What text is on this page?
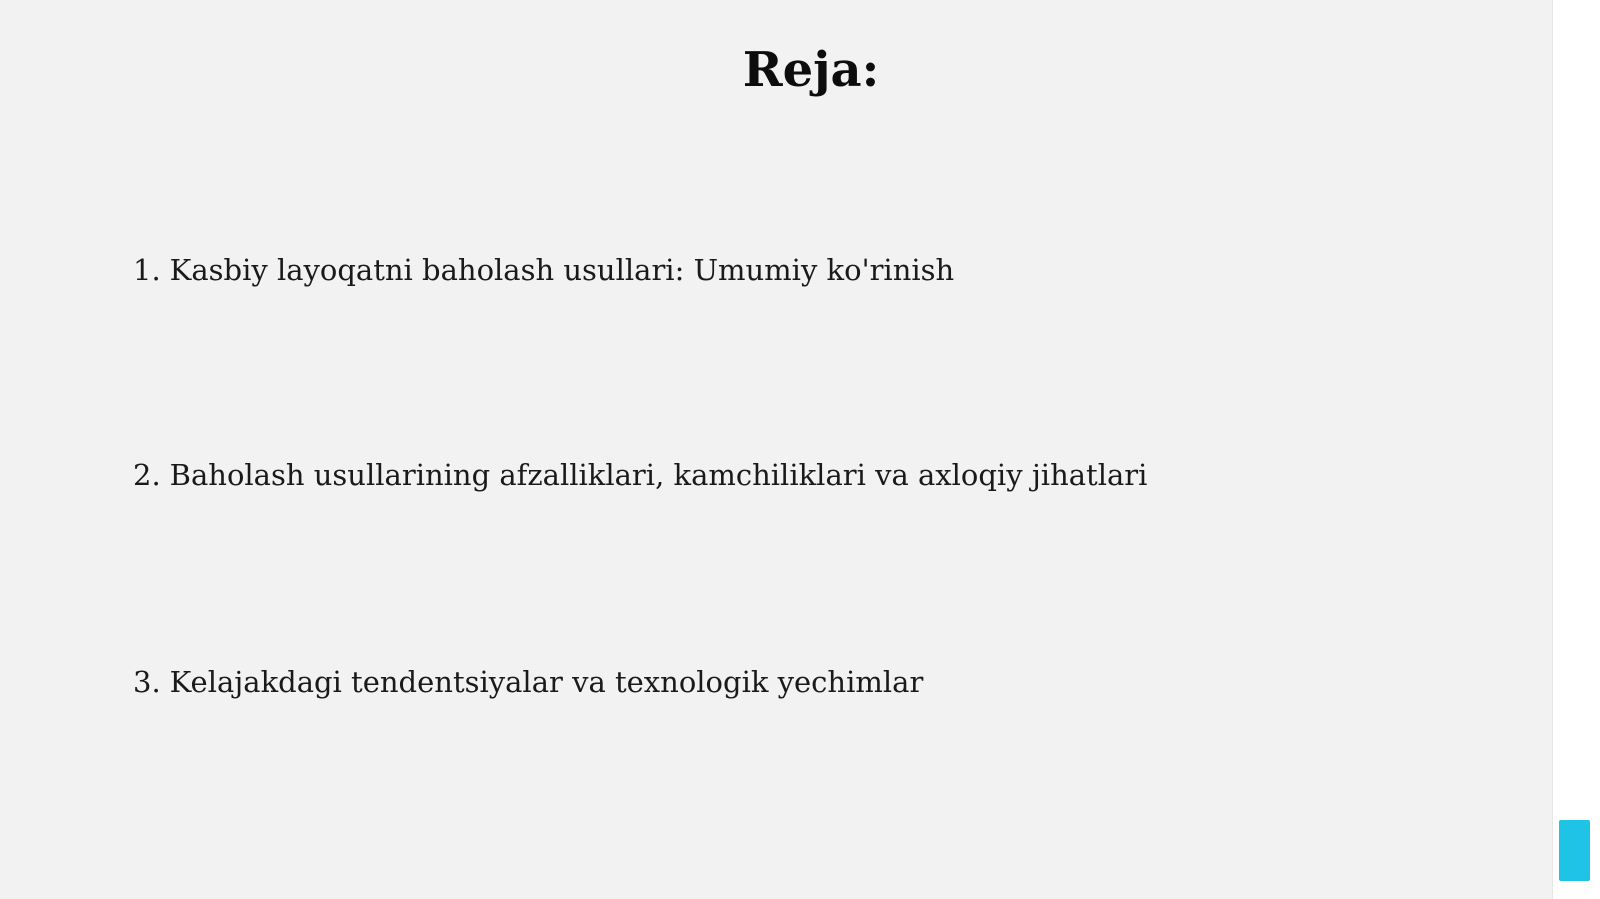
Reja:
1. Kasbiy layoqatni baholash usullari: Umumiy ko'rinish
2. Baholash usullarining afzalliklari, kamchiliklari va axloqiy jihatlari
3. Kelajakdagi tendentsiyalar va texnologik yechimlar
